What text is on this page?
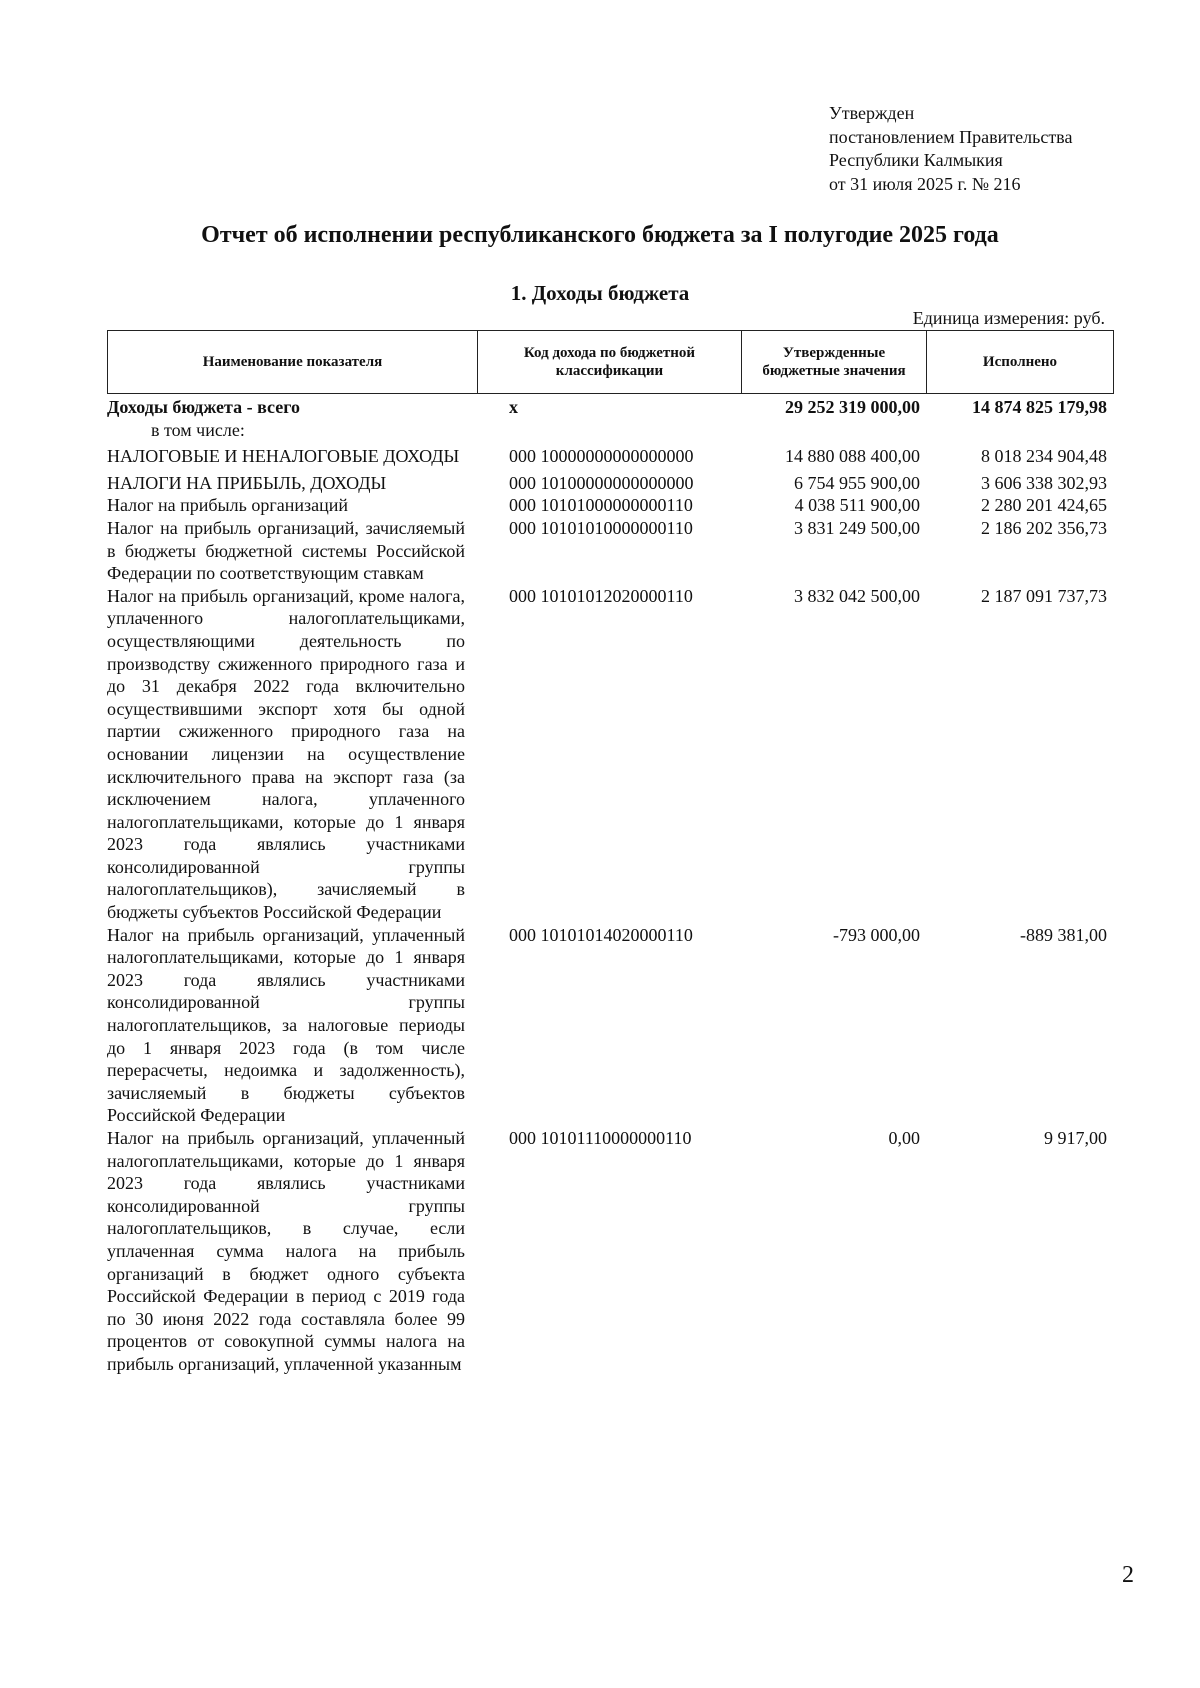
Утвержден
постановлением Правительства
Республики Калмыкия
от 31 июля 2025 г. № 216
Отчет об исполнении республиканского бюджета за I полугодие 2025 года
1. Доходы бюджета
Единица измерения: руб.
Наименование показателя	Код дохода по бюджетной классификации	Утвержденные бюджетные значения	Исполнено
Доходы бюджета - всего	x	29 252 319 000,00	14 874 825 179,98
в том числе:			
НАЛОГОВЫЕ И НЕНАЛОГОВЫЕ ДОХОДЫ	000 10000000000000000	14 880 088 400,00	8 018 234 904,48
НАЛОГИ НА ПРИБЫЛЬ, ДОХОДЫ	000 10100000000000000	6 754 955 900,00	3 606 338 302,93
Налог на прибыль организаций	000 10101000000000110	4 038 511 900,00	2 280 201 424,65
Налог на прибыль организаций, зачисляемый в бюджеты бюджетной системы Российской Федерации по соответствующим ставкам	000 10101010000000110	3 831 249 500,00	2 186 202 356,73
Налог на прибыль организаций, кроме налога, уплаченного налогоплательщиками, осуществляющими деятельность по производству сжиженного природного газа и до 31 декабря 2022 года включительно осуществившими экспорт хотя бы одной партии сжиженного природного газа на основании лицензии на осуществление исключительного права на экспорт газа (за исключением налога, уплаченного налогоплательщиками, которые до 1 января 2023 года являлись участниками консолидированной группы налогоплательщиков), зачисляемый в бюджеты субъектов Российской Федерации	000 10101012020000110	3 832 042 500,00	2 187 091 737,73
Налог на прибыль организаций, уплаченный налогоплательщиками, которые до 1 января 2023 года являлись участниками консолидированной группы налогоплательщиков, за налоговые периоды до 1 января 2023 года (в том числе перерасчеты, недоимка и задолженность), зачисляемый в бюджеты субъектов Российской Федерации	000 10101014020000110	-793 000,00	-889 381,00
Налог на прибыль организаций, уплаченный налогоплательщиками, которые до 1 января 2023 года являлись участниками консолидированной группы налогоплательщиков, в случае, если уплаченная сумма налога на прибыль организаций в бюджет одного субъекта Российской Федерации в период с 2019 года по 30 июня 2022 года составляла более 99 процентов от совокупной суммы налога на прибыль организаций, уплаченной указанным	000 10101110000000110	0,00	9 917,00
2
